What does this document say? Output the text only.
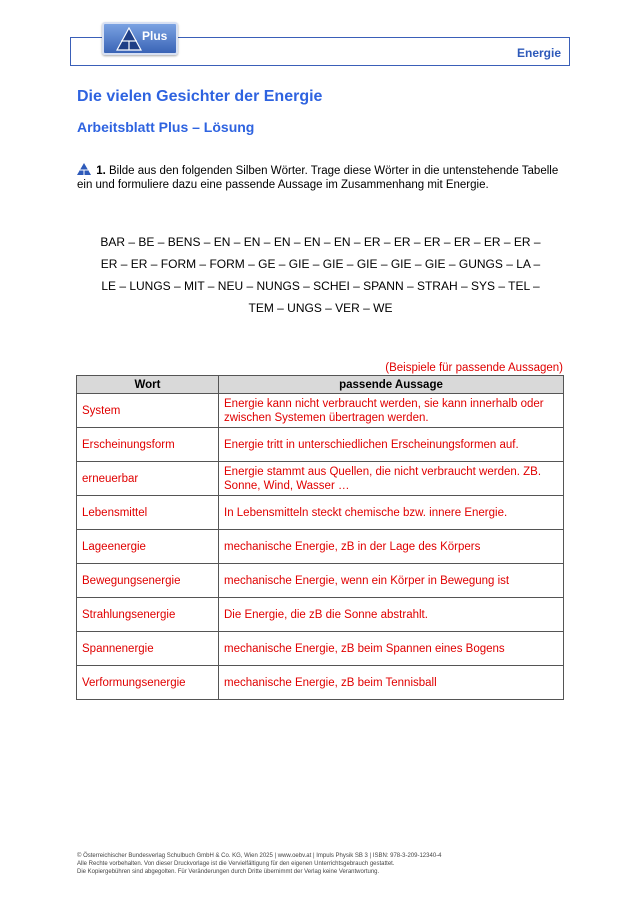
Energie
Plus
Die vielen Gesichter der Energie
Arbeitsblatt Plus – Lösung
1. Bilde aus den folgenden Silben Wörter. Trage diese Wörter in die untenstehende Tabelle ein und formuliere dazu eine passende Aussage im Zusammenhang mit Energie.
BAR – BE – BENS – EN – EN – EN – EN – EN – ER – ER – ER – ER – ER – ER –
ER – ER – FORM – FORM – GE – GIE – GIE – GIE – GIE – GIE – GUNGS – LA –
LE – LUNGS – MIT – NEU – NUNGS – SCHEI – SPANN – STRAH – SYS – TEL –
TEM – UNGS – VER – WE
(Beispiele für passende Aussagen)
Wort	passende Aussage
System	Energie kann nicht verbraucht werden, sie kann innerhalb oder zwischen Systemen übertragen werden.
Erscheinungsform	Energie tritt in unterschiedlichen Erscheinungsformen auf.
erneuerbar	Energie stammt aus Quellen, die nicht verbraucht werden. ZB. Sonne, Wind, Wasser …
Lebensmittel	In Lebensmitteln steckt chemische bzw. innere Energie.
Lageenergie	mechanische Energie, zB in der Lage des Körpers
Bewegungsenergie	mechanische Energie, wenn ein Körper in Bewegung ist
Strahlungsenergie	Die Energie, die zB die Sonne abstrahlt.
Spannenergie	mechanische Energie, zB beim Spannen eines Bogens
Verformungsenergie	mechanische Energie, zB beim Tennisball
© Österreichischer Bundesverlag Schulbuch GmbH & Co. KG, Wien 2025 | www.oebv.at | Impuls Physik SB 3 | ISBN: 978-3-209-12340-4
Alle Rechte vorbehalten. Von dieser Druckvorlage ist die Vervielfältigung für den eigenen Unterrichtsgebrauch gestattet.
Die Kopiergebühren sind abgegolten. Für Veränderungen durch Dritte übernimmt der Verlag keine Verantwortung.
